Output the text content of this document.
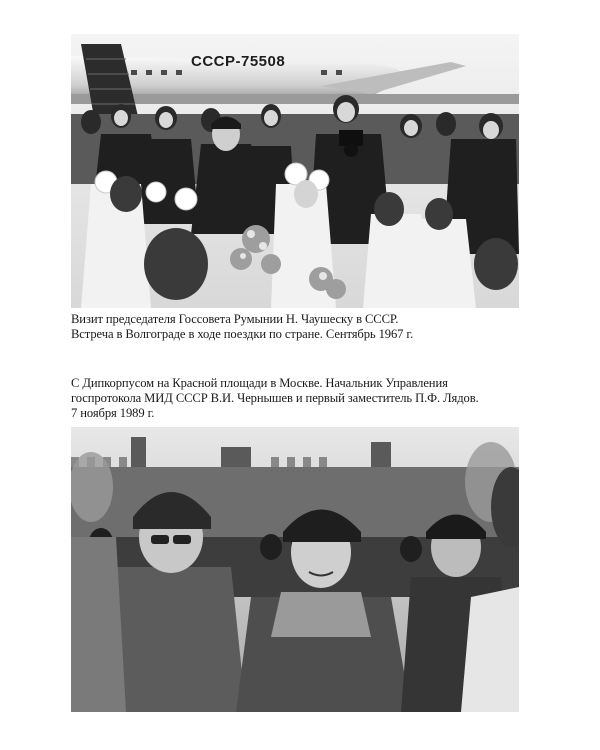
СССР-75508
Визит председателя Госсовета Румынии Н. Чаушеску в СССР.
Встреча в Волгограде в ходе поездки по стране. Сентябрь 1967 г.
С Дипкорпусом на Красной площади в Москве. Начальник Управления
госпротокола МИД СССР В.И. Чернышев и первый заместитель П.Ф. Лядов.
7 ноября 1989 г.
